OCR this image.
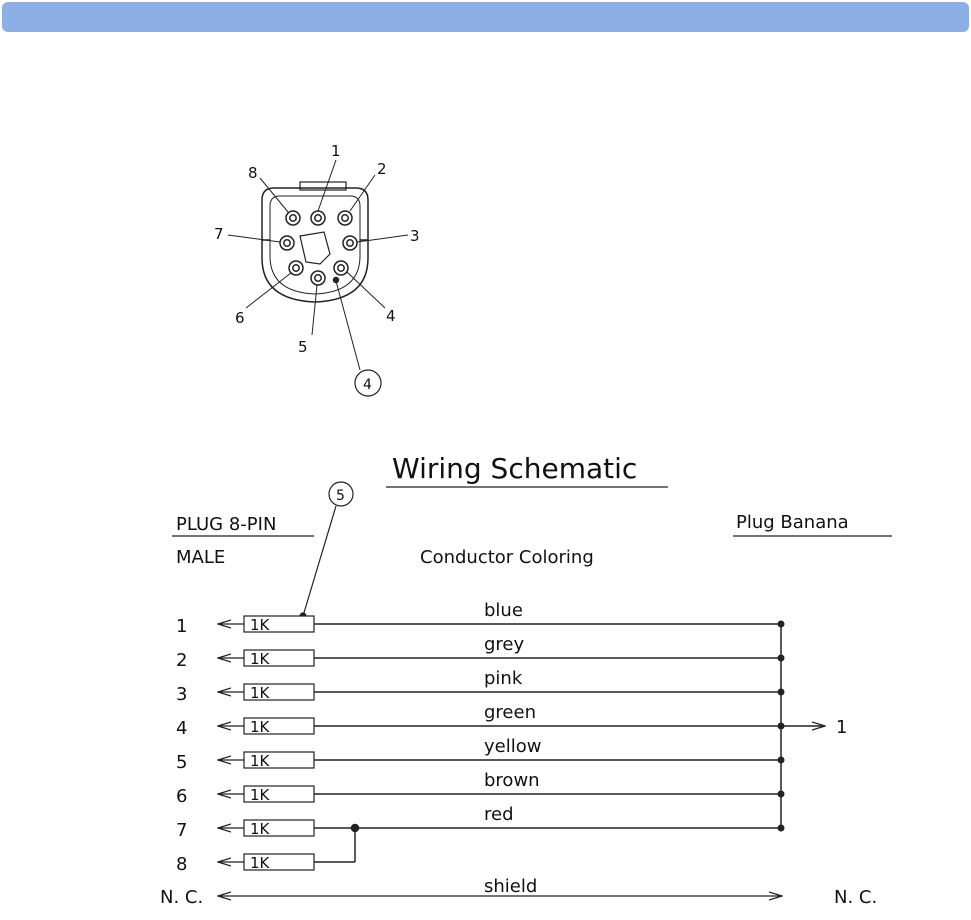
1
2
3
4
5
6
7
8
4
Wiring Schematic
5
PLUG 8-PIN
MALE
Plug Banana
Conductor Coloring
1	1K
blue
2	1K
grey
3	1K
pink
4	1K
green
5	1K
yellow
6	1K
brown
7	1K
red
8	1K
1
shield
N. C.	N. C.
